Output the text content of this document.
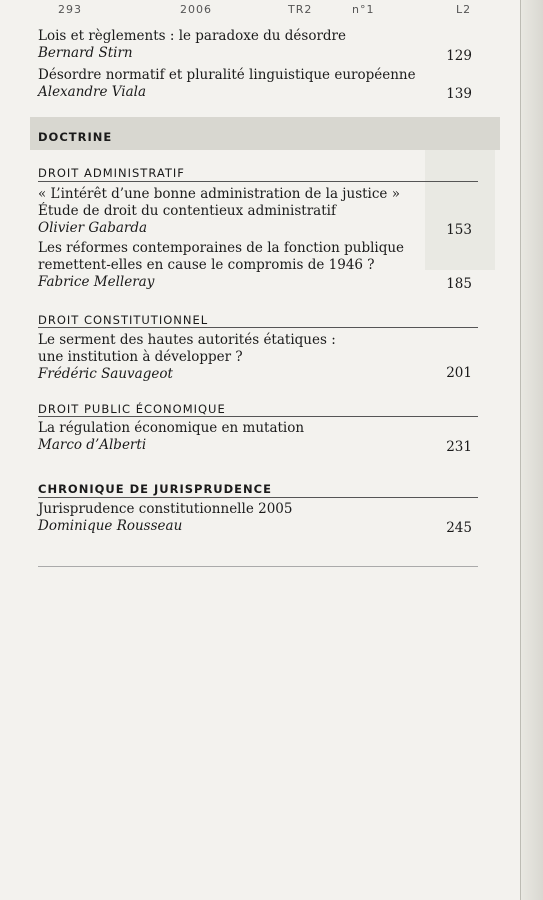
293	2006	TR2	n°1	L2
Lois et règlements : le paradoxe du désordre
Bernard Stirn	129
Désordre normatif et pluralité linguistique européenne
Alexandre Viala	139
DOCTRINE
DROIT ADMINISTRATIF
« L’intérêt d’une bonne administration de la justice »
Étude de droit du contentieux administratif
Olivier Gabarda	153
Les réformes contemporaines de la fonction publique
remettent-elles en cause le compromis de 1946 ?
Fabrice Melleray	185
DROIT CONSTITUTIONNEL
Le serment des hautes autorités étatiques :
une institution à développer ?
Frédéric Sauvageot	201
DROIT PUBLIC ÉCONOMIQUE
La régulation économique en mutation
Marco d’Alberti	231
CHRONIQUE DE JURISPRUDENCE
Jurisprudence constitutionnelle 2005
Dominique Rousseau	245
